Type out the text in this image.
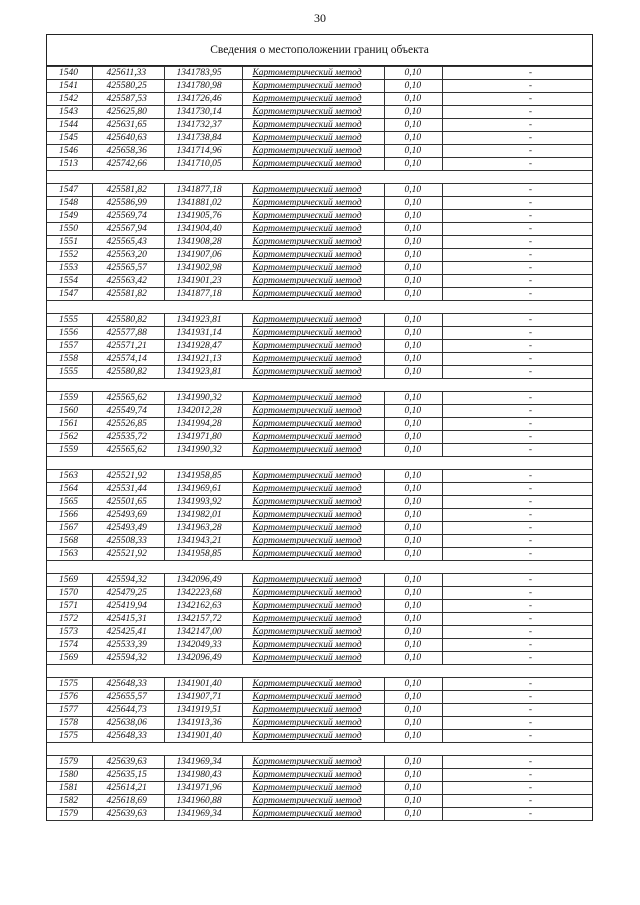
30
Сведения о местоположении границ объекта
1540	425611,33	1341783,95	Картометрический метод	0,10	-
1541	425580,25	1341780,98	Картометрический метод	0,10	-
1542	425587,53	1341726,46	Картометрический метод	0,10	-
1543	425625,80	1341730,14	Картометрический метод	0,10	-
1544	425631,65	1341732,37	Картометрический метод	0,10	-
1545	425640,63	1341738,84	Картометрический метод	0,10	-
1546	425658,36	1341714,96	Картометрический метод	0,10	-
1513	425742,66	1341710,05	Картометрический метод	0,10	-

1547	425581,82	1341877,18	Картометрический метод	0,10	-
1548	425586,99	1341881,02	Картометрический метод	0,10	-
1549	425569,74	1341905,76	Картометрический метод	0,10	-
1550	425567,94	1341904,40	Картометрический метод	0,10	-
1551	425565,43	1341908,28	Картометрический метод	0,10	-
1552	425563,20	1341907,06	Картометрический метод	0,10	-
1553	425565,57	1341902,98	Картометрический метод	0,10	-
1554	425563,42	1341901,23	Картометрический метод	0,10	-
1547	425581,82	1341877,18	Картометрический метод	0,10	-

1555	425580,82	1341923,81	Картометрический метод	0,10	-
1556	425577,88	1341931,14	Картометрический метод	0,10	-
1557	425571,21	1341928,47	Картометрический метод	0,10	-
1558	425574,14	1341921,13	Картометрический метод	0,10	-
1555	425580,82	1341923,81	Картометрический метод	0,10	-

1559	425565,62	1341990,32	Картометрический метод	0,10	-
1560	425549,74	1342012,28	Картометрический метод	0,10	-
1561	425526,85	1341994,28	Картометрический метод	0,10	-
1562	425535,72	1341971,80	Картометрический метод	0,10	-
1559	425565,62	1341990,32	Картометрический метод	0,10	-

1563	425521,92	1341958,85	Картометрический метод	0,10	-
1564	425531,44	1341969,61	Картометрический метод	0,10	-
1565	425501,65	1341993,92	Картометрический метод	0,10	-
1566	425493,69	1341982,01	Картометрический метод	0,10	-
1567	425493,49	1341963,28	Картометрический метод	0,10	-
1568	425508,33	1341943,21	Картометрический метод	0,10	-
1563	425521,92	1341958,85	Картометрический метод	0,10	-

1569	425594,32	1342096,49	Картометрический метод	0,10	-
1570	425479,25	1342223,68	Картометрический метод	0,10	-
1571	425419,94	1342162,63	Картометрический метод	0,10	-
1572	425415,31	1342157,72	Картометрический метод	0,10	-
1573	425425,41	1342147,00	Картометрический метод	0,10	-
1574	425533,39	1342049,33	Картометрический метод	0,10	-
1569	425594,32	1342096,49	Картометрический метод	0,10	-

1575	425648,33	1341901,40	Картометрический метод	0,10	-
1576	425655,57	1341907,71	Картометрический метод	0,10	-
1577	425644,73	1341919,51	Картометрический метод	0,10	-
1578	425638,06	1341913,36	Картометрический метод	0,10	-
1575	425648,33	1341901,40	Картометрический метод	0,10	-

1579	425639,63	1341969,34	Картометрический метод	0,10	-
1580	425635,15	1341980,43	Картометрический метод	0,10	-
1581	425614,21	1341971,96	Картометрический метод	0,10	-
1582	425618,69	1341960,88	Картометрический метод	0,10	-
1579	425639,63	1341969,34	Картометрический метод	0,10	-
